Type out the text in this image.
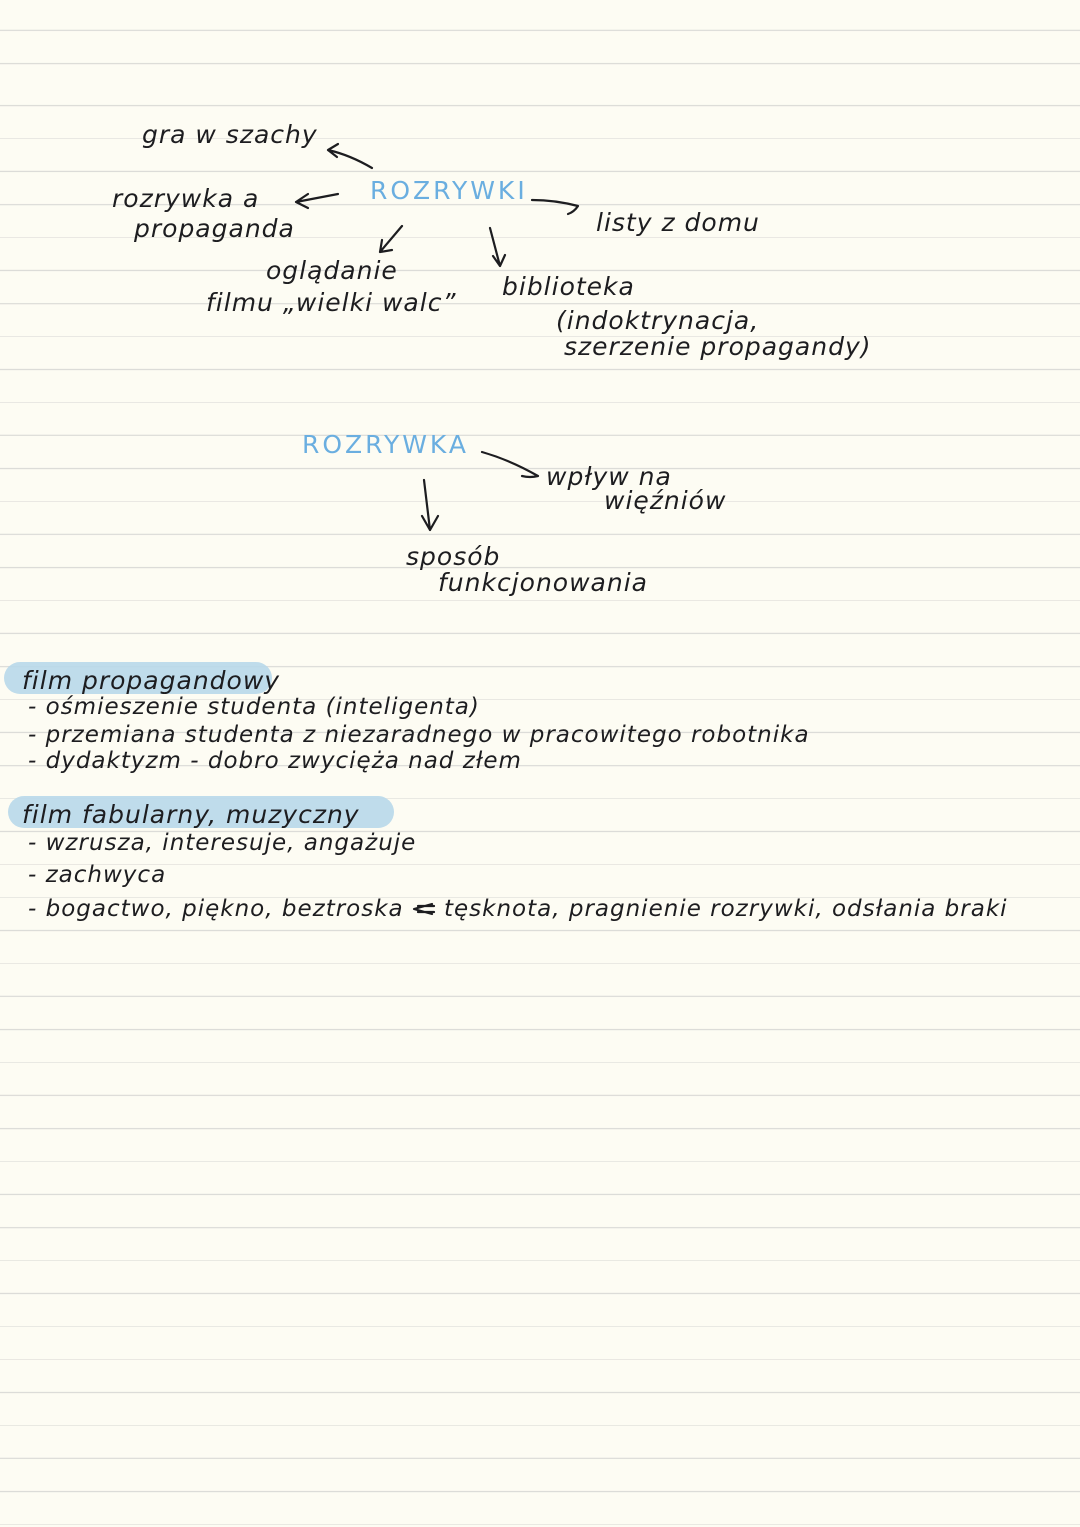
gra w szachy
ROZRYWKI
rozrywka a
propaganda	listy z domu
oglądanie
filmu „wielki walc”
biblioteka
(indoktrynacja,
szerzenie propagandy)
ROZRYWKA
wpływ na
więźniów
sposób
funkcjonowania
film propagandowy
- ośmieszenie studenta (inteligenta)
- przemiana studenta z niezaradnego w pracowitego robotnika
- dydaktyzm - dobro zwycięża nad złem
film fabularny, muzyczny
- wzrusza, interesuje, angażuje
- zachwyca
- bogactwo, piękno, beztroska tęsknota, pragnienie rozrywki, odsłania braki
